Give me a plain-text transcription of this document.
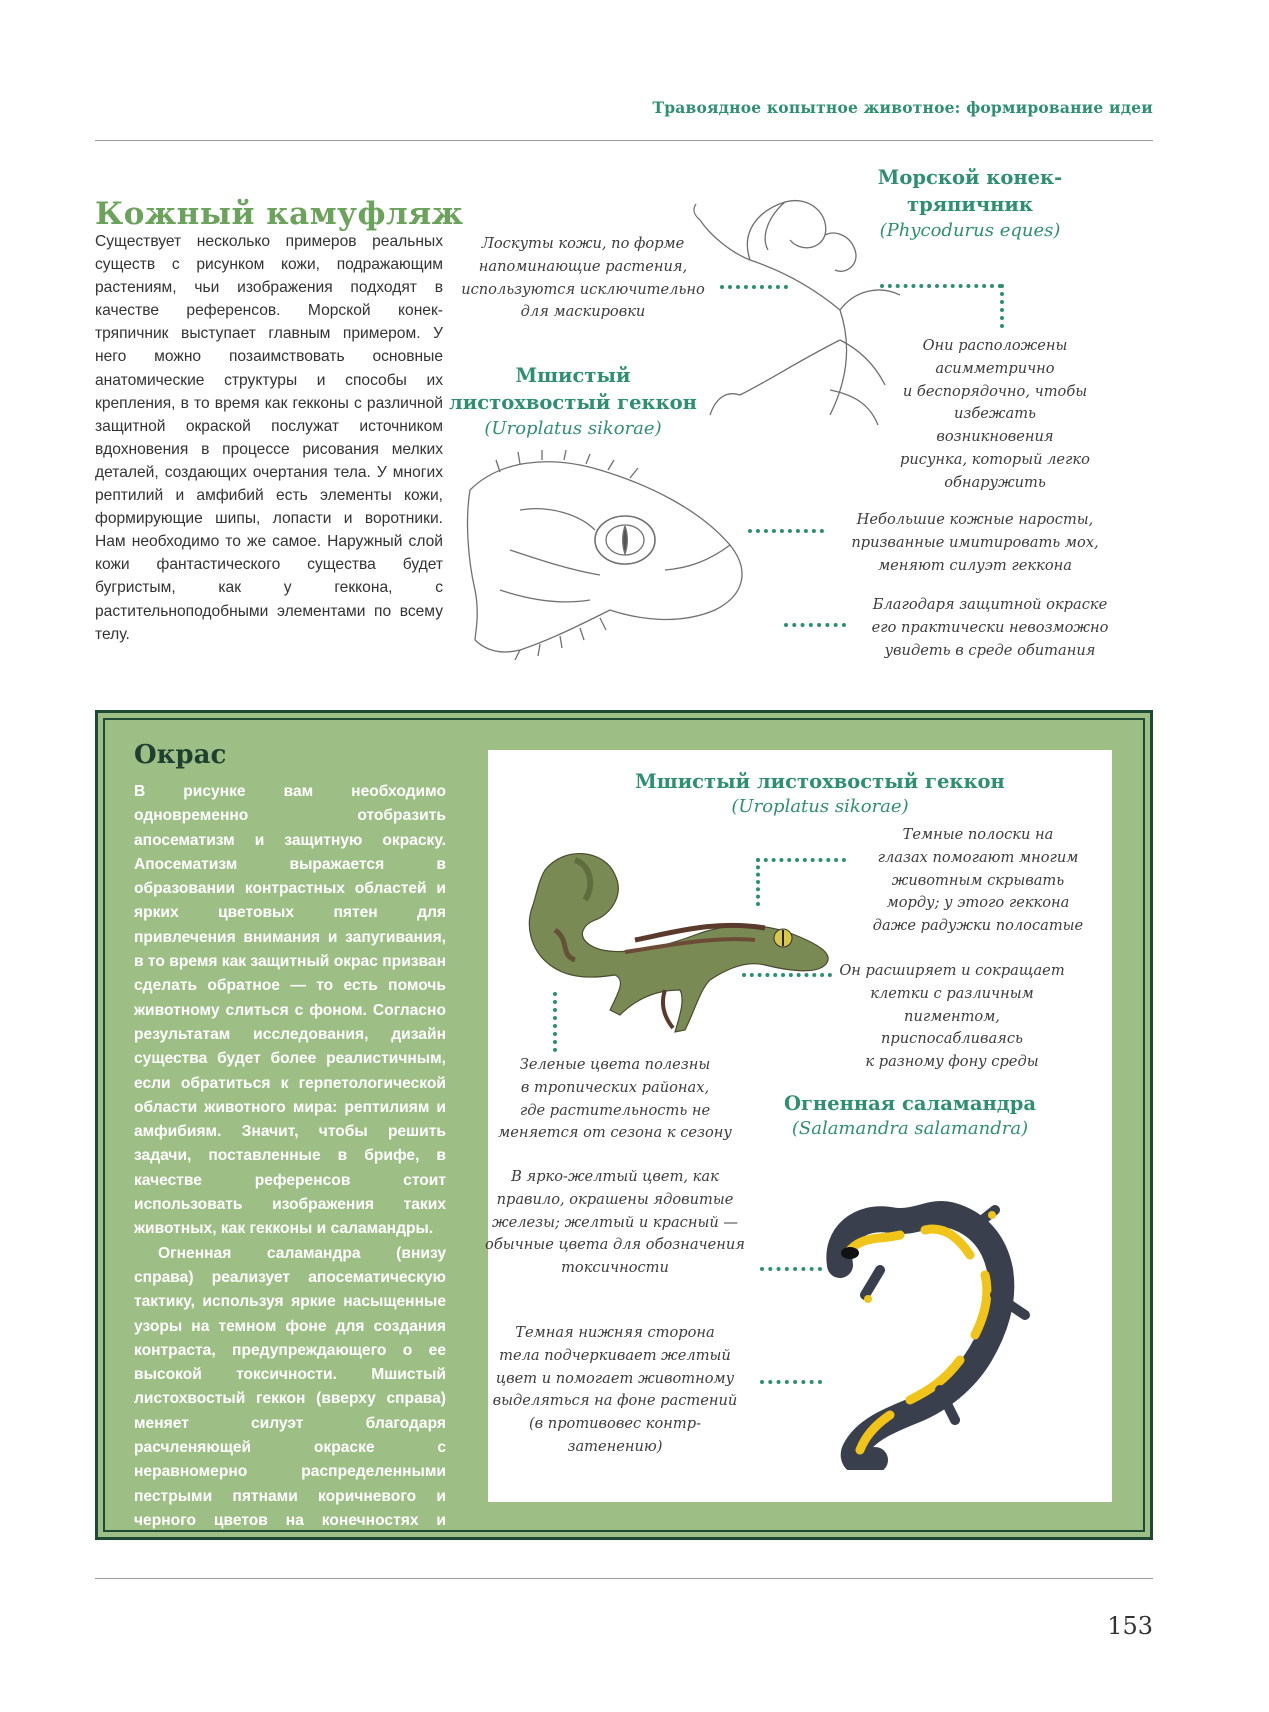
Травоядное копытное животное: формирование идеи
Кожный камуфляж
Существует несколько примеров реальных существ с рисунком кожи, подражающим растениям, чьи изображения подходят в качестве референсов. Морской конек-тряпичник выступает главным примером. У него можно позаимствовать основные анатомические структуры и способы их крепления, в то время как гекконы с различной защитной окраской послужат источником вдохновения в процессе рисования мелких деталей, создающих очертания тела. У многих рептилий и амфибий есть элементы кожи, формирующие шипы, лопасти и воротники. Нам необходимо то же самое. Наружный слой кожи фантастического существа будет бугристым, как у геккона, с растительноподобными элементами по всему телу.
Морской конек-
тряпичник
(Phycodurus eques)
Лоскуты кожи, по форме
напоминающие растения,
используются исключительно
для маскировки
Они расположены
асимметрично
и беспорядочно, чтобы
избежать возникновения
рисунка, который легко
обнаружить
Мшистый
листохвостый геккон
(Uroplatus sikorae)
Небольшие кожные наросты,
призванные имитировать мох,
меняют силуэт геккона
Благодаря защитной окраске
его практически невозможно
увидеть в среде обитания
Окрас
В рисунке вам необходимо одновременно отобразить апосематизм и защитную окраску. Апосематизм выражается в образовании контрастных областей и ярких цветовых пятен для привлечения внимания и запугивания, в то время как защитный окрас призван сделать обратное — то есть помочь животному слиться с фоном. Согласно результатам исследования, дизайн существа будет более реалистичным, если обратиться к герпетологической области животного мира: рептилиям и амфибиям. Значит, чтобы решить задачи, поставленные в брифе, в качестве референсов стоит использовать изображения таких животных, как гекконы и саламандры.
Огненная саламандра (внизу справа) реализует апосематическую тактику, используя яркие насыщенные узоры на темном фоне для создания контраста, предупреждающего о ее высокой токсичности. Мшистый листохвостый геккон (вверху справа) меняет силуэт благодаря расчленяющей окраске с неравномерно распределенными пестрыми пятнами коричневого и черного цветов на конечностях и морде.
Мшистый листохвостый геккон
(Uroplatus sikorae)
Темные полоски на
глазах помогают многим
животным скрывать
морду; у этого геккона
даже радужки полосатые
Он расширяет и сокращает
клетки с различным
пигментом, приспосабливаясь
к разному фону среды
Зеленые цвета полезны
в тропических районах,
где растительность не
меняется от сезона к сезону
Огненная саламандра
(Salamandra salamandra)
В ярко-желтый цвет, как
правило, окрашены ядовитые
железы; желтый и красный —
обычные цвета для обозначения
токсичности
Темная нижняя сторона
тела подчеркивает желтый
цвет и помогает животному
выделяться на фоне растений
(в противовес контр-
затенению)
153
